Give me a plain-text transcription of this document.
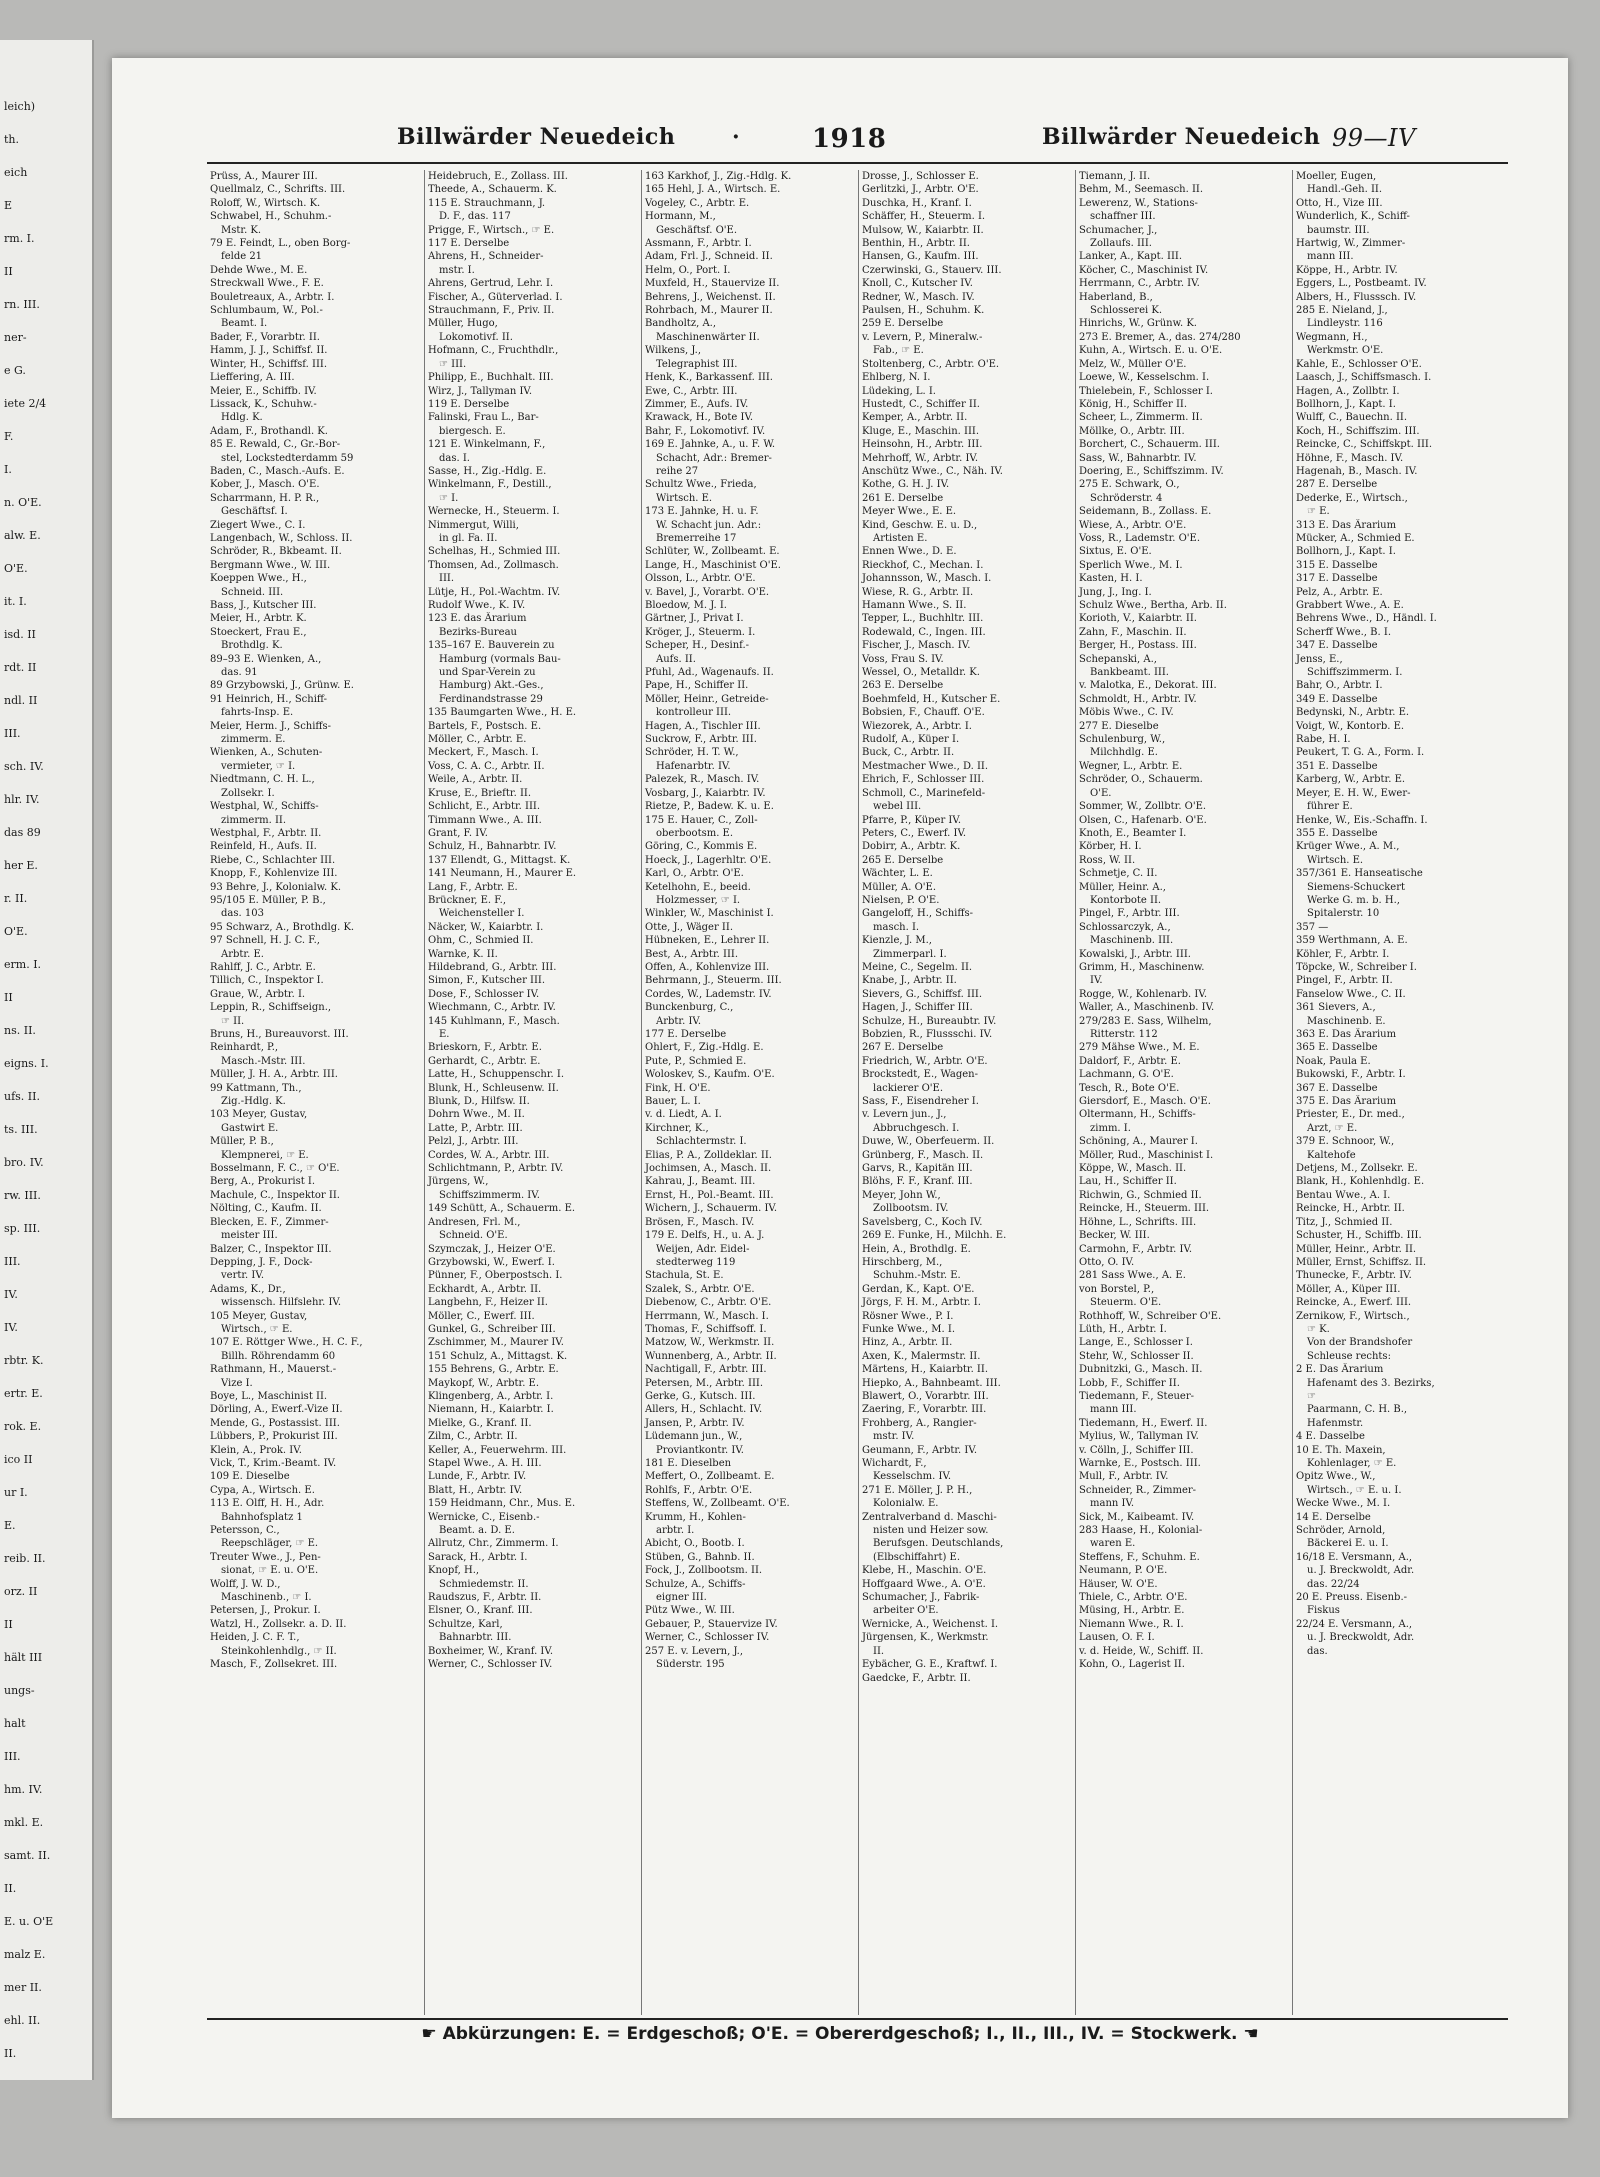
leich)
th.
eich
E
rm. I.
II
rn. III.
ner-
e G.
iete 2/4
F.
I.
n. O'E.
alw. E.
O'E.
it. I.
isd. II
rdt. II
ndl. II
III.
sch. IV.
hlr. IV.
das 89
her E.
r. II.
O'E.
erm. I.
II
ns. II.
eigns. I.
ufs. II.
ts. III.
bro. IV.
rw. III.
sp. III.
III.
IV.
IV.
rbtr. K.
ertr. E.
rok. E.
ico II
ur I.
E.
reib. II.
orz. II
II
hält III
ungs-
halt
III.
hm. IV.
mkl. E.
samt. II.
II.
E. u. O'E
malz E.
mer II.
ehl. II.
II.
Billwärder Neuedeich	·	1918	Billwärder Neuedeich 99—IV
Prüss, A., Maurer III.
Quellmalz, C., Schrifts. III.
Roloff, W., Wirtsch. K.
Schwabel, H., Schuhm.-
Mstr. K.
79 E. Feindt, L., oben Borg-
felde 21
Dehde Wwe., M. E.
Streckwall Wwe., F. E.
Bouletreaux, A., Arbtr. I.
Schlumbaum, W., Pol.-
Beamt. I.
Bader, F., Vorarbtr. II.
Hamm, J. J., Schiffsf. II.
Winter, H., Schiffsf. III.
Lieffering, A. III.
Meier, E., Schiffb. IV.
Lissack, K., Schuhw.-
Hdlg. K.
Adam, F., Brothandl. K.
85 E. Rewald, C., Gr.-Bor-
stel, Lockstedterdamm 59
Baden, C., Masch.-Aufs. E.
Kober, J., Masch. O'E.
Scharrmann, H. P. R.,
Geschäftsf. I.
Ziegert Wwe., C. I.
Langenbach, W., Schloss. II.
Schröder, R., Bkbeamt. II.
Bergmann Wwe., W. III.
Koeppen Wwe., H.,
Schneid. III.
Bass, J., Kutscher III.
Meier, H., Arbtr. K.
Stoeckert, Frau E.,
Brothdlg. K.
89–93 E. Wienken, A.,
das. 91
89 Grzybowski, J., Grünw. E.
91 Heinrich, H., Schiff-
fahrts-Insp. E.
Meier, Herm. J., Schiffs-
zimmerm. E.
Wienken, A., Schuten-
vermieter, ☞ I.
Niedtmann, C. H. L.,
Zollsekr. I.
Westphal, W., Schiffs-
zimmerm. II.
Westphal, F., Arbtr. II.
Reinfeld, H., Aufs. II.
Riebe, C., Schlachter III.
Knopp, F., Kohlenvize III.
93 Behre, J., Kolonialw. K.
95/105 E. Müller, P. B.,
das. 103
95 Schwarz, A., Brothdlg. K.
97 Schnell, H. J. C. F.,
Arbtr. E.
Rahlff, J. C., Arbtr. E.
Tillich, C., Inspektor I.
Graue, W., Arbtr. I.
Leppin, R., Schiffseign.,
☞ II.
Bruns, H., Bureauvorst. III.
Reinhardt, P.,
Masch.-Mstr. III.
Müller, J. H. A., Arbtr. III.
99 Kattmann, Th.,
Zig.-Hdlg. K.
103 Meyer, Gustav,
Gastwirt E.
Müller, P. B.,
Klempnerei, ☞ E.
Bosselmann, F. C., ☞ O'E.
Berg, A., Prokurist I.
Machule, C., Inspektor II.
Nölting, C., Kaufm. II.
Blecken, E. F., Zimmer-
meister III.
Balzer, C., Inspektor III.
Depping, J. F., Dock-
vertr. IV.
Adams, K., Dr.,
wissensch. Hilfslehr. IV.
105 Meyer, Gustav,
Wirtsch., ☞ E.
107 E. Röttger Wwe., H. C. F.,
Billh. Röhrendamm 60
Rathmann, H., Mauerst.-
Vize I.
Boye, L., Maschinist II.
Dörling, A., Ewerf.-Vize II.
Mende, G., Postassist. III.
Lübbers, P., Prokurist III.
Klein, A., Prok. IV.
Vick, T., Krim.-Beamt. IV.
109 E. Dieselbe
Cypa, A., Wirtsch. E.
113 E. Olff, H. H., Adr.
Bahnhofsplatz 1
Petersson, C.,
Reepschläger, ☞ E.
Treuter Wwe., J., Pen-
sionat, ☞ E. u. O'E.
Wolff, J. W. D.,
Maschinenb., ☞ I.
Petersen, J., Prokur. I.
Watzl, H., Zollsekr. a. D. II.
Heiden, J. C. F. T.,
Steinkohlenhdlg., ☞ II.
Masch, F., Zollsekret. III.
Heidebruch, E., Zollass. III.
Theede, A., Schauerm. K.
115 E. Strauchmann, J.
D. F., das. 117
Prigge, F., Wirtsch., ☞ E.
117 E. Derselbe
Ahrens, H., Schneider-
mstr. I.
Ahrens, Gertrud, Lehr. I.
Fischer, A., Güterverlad. I.
Strauchmann, F., Priv. II.
Müller, Hugo,
Lokomotivf. II.
Hofmann, C., Fruchthdlr.,
☞ III.
Philipp, E., Buchhalt. III.
Wirz, J., Tallyman IV.
119 E. Derselbe
Falinski, Frau L., Bar-
biergesch. E.
121 E. Winkelmann, F.,
das. I.
Sasse, H., Zig.-Hdlg. E.
Winkelmann, F., Destill.,
☞ I.
Wernecke, H., Steuerm. I.
Nimmergut, Willi,
in gl. Fa. II.
Schelhas, H., Schmied III.
Thomsen, Ad., Zollmasch.
III.
Lütje, H., Pol.-Wachtm. IV.
Rudolf Wwe., K. IV.
123 E. das Ärarium
Bezirks-Bureau
135–167 E. Bauverein zu
Hamburg (vormals Bau-
und Spar-Verein zu
Hamburg) Akt.-Ges.,
Ferdinandstrasse 29
135 Baumgarten Wwe., H. E.
Bartels, F., Postsch. E.
Möller, C., Arbtr. E.
Meckert, F., Masch. I.
Voss, C. A. C., Arbtr. II.
Weile, A., Arbtr. II.
Kruse, E., Brieftr. II.
Schlicht, E., Arbtr. III.
Timmann Wwe., A. III.
Grant, F. IV.
Schulz, H., Bahnarbtr. IV.
137 Ellendt, G., Mittagst. K.
141 Neumann, H., Maurer E.
Lang, F., Arbtr. E.
Brückner, E. F.,
Weichensteller I.
Näcker, W., Kaiarbtr. I.
Ohm, C., Schmied II.
Warnke, K. II.
Hildebrand, G., Arbtr. III.
Simon, F., Kutscher III.
Dose, F., Schlosser IV.
Wiechmann, C., Arbtr. IV.
145 Kuhlmann, F., Masch.
E.
Brieskorn, F., Arbtr. E.
Gerhardt, C., Arbtr. E.
Latte, H., Schuppenschr. I.
Blunk, H., Schleusenw. II.
Blunk, D., Hilfsw. II.
Dohrn Wwe., M. II.
Latte, P., Arbtr. III.
Pelzl, J., Arbtr. III.
Cordes, W. A., Arbtr. III.
Schlichtmann, P., Arbtr. IV.
Jürgens, W.,
Schiffszimmerm. IV.
149 Schütt, A., Schauerm. E.
Andresen, Frl. M.,
Schneid. O'E.
Szymczak, J., Heizer O'E.
Grzybowski, W., Ewerf. I.
Pünner, F., Oberpostsch. I.
Eckhardt, A., Arbtr. II.
Langbehn, F., Heizer II.
Möller, C., Ewerf. III.
Gunkel, G., Schreiber III.
Zschimmer, M., Maurer IV.
151 Schulz, A., Mittagst. K.
155 Behrens, G., Arbtr. E.
Maykopf, W., Arbtr. E.
Klingenberg, A., Arbtr. I.
Niemann, H., Kaiarbtr. I.
Mielke, G., Kranf. II.
Zilm, C., Arbtr. II.
Keller, A., Feuerwehrm. III.
Stapel Wwe., A. H. III.
Lunde, F., Arbtr. IV.
Blatt, H., Arbtr. IV.
159 Heidmann, Chr., Mus. E.
Wernicke, C., Eisenb.-
Beamt. a. D. E.
Allrutz, Chr., Zimmerm. I.
Sarack, H., Arbtr. I.
Knopf, H.,
Schmiedemstr. II.
Raudszus, F., Arbtr. II.
Elsner, O., Kranf. III.
Schultze, Karl,
Bahnarbtr. III.
Boxheimer, W., Kranf. IV.
Werner, C., Schlosser IV.
163 Karkhof, J., Zig.-Hdlg. K.
165 Hehl, J. A., Wirtsch. E.
Vogeley, C., Arbtr. E.
Hormann, M.,
Geschäftsf. O'E.
Assmann, F., Arbtr. I.
Adam, Frl. J., Schneid. II.
Helm, O., Port. I.
Muxfeld, H., Stauervize II.
Behrens, J., Weichenst. II.
Rohrbach, M., Maurer II.
Bandholtz, A.,
Maschinenwärter II.
Wilkens, J.,
Telegraphist III.
Henk, K., Barkassenf. III.
Ewe, C., Arbtr. III.
Zimmer, E., Aufs. IV.
Krawack, H., Bote IV.
Bahr, F., Lokomotivf. IV.
169 E. Jahnke, A., u. F. W.
Schacht, Adr.: Bremer-
reihe 27
Schultz Wwe., Frieda,
Wirtsch. E.
173 E. Jahnke, H. u. F.
W. Schacht jun. Adr.:
Bremerreihe 17
Schlüter, W., Zollbeamt. E.
Lange, H., Maschinist O'E.
Olsson, L., Arbtr. O'E.
v. Bavel, J., Vorarbt. O'E.
Bloedow, M. J. I.
Gärtner, J., Privat I.
Kröger, J., Steuerm. I.
Scheper, H., Desinf.-
Aufs. II.
Pfuhl, Ad., Wagenaufs. II.
Pape, H., Schiffer II.
Möller, Heinr., Getreide-
kontrolleur III.
Hagen, A., Tischler III.
Suckrow, F., Arbtr. III.
Schröder, H. T. W.,
Hafenarbtr. IV.
Palezek, R., Masch. IV.
Vosbarg, J., Kaiarbtr. IV.
Rietze, P., Badew. K. u. E.
175 E. Hauer, C., Zoll-
oberbootsm. E.
Göring, C., Kommis E.
Hoeck, J., Lagerhltr. O'E.
Karl, O., Arbtr. O'E.
Ketelhohn, E., beeid.
Holzmesser, ☞ I.
Winkler, W., Maschinist I.
Otte, J., Wäger II.
Hübneken, E., Lehrer II.
Best, A., Arbtr. III.
Offen, A., Kohlenvize III.
Behrmann, J., Steuerm. III.
Cordes, W., Lademstr. IV.
Bunckenburg, C.,
Arbtr. IV.
177 E. Derselbe
Ohlert, F., Zig.-Hdlg. E.
Pute, P., Schmied E.
Woloskev, S., Kaufm. O'E.
Fink, H. O'E.
Bauer, L. I.
v. d. Liedt, A. I.
Kirchner, K.,
Schlachtermstr. I.
Elias, P. A., Zolldeklar. II.
Jochimsen, A., Masch. II.
Kahrau, J., Beamt. III.
Ernst, H., Pol.-Beamt. III.
Wichern, J., Schauerm. IV.
Brösen, F., Masch. IV.
179 E. Delfs, H., u. A. J.
Weijen, Adr. Eidel-
stedterweg 119
Stachula, St. E.
Szalek, S., Arbtr. O'E.
Diebenow, C., Arbtr. O'E.
Herrmann, W., Masch. I.
Thomas, F., Schiffsoff. I.
Matzow, W., Werkmstr. II.
Wunnenberg, A., Arbtr. II.
Nachtigall, F., Arbtr. III.
Petersen, M., Arbtr. III.
Gerke, G., Kutsch. III.
Allers, H., Schlacht. IV.
Jansen, P., Arbtr. IV.
Lüdemann jun., W.,
Proviantkontr. IV.
181 E. Dieselben
Meffert, O., Zollbeamt. E.
Rohlfs, F., Arbtr. O'E.
Steffens, W., Zollbeamt. O'E.
Krumm, H., Kohlen-
arbtr. I.
Abicht, O., Bootb. I.
Stüben, G., Bahnb. II.
Fock, J., Zollbootsm. II.
Schulze, A., Schiffs-
eigner III.
Pütz Wwe., W. III.
Gebauer, P., Stauervize IV.
Werner, C., Schlosser IV.
257 E. v. Levern, J.,
Süderstr. 195
Drosse, J., Schlosser E.
Gerlitzki, J., Arbtr. O'E.
Duschka, H., Kranf. I.
Schäffer, H., Steuerm. I.
Mulsow, W., Kaiarbtr. II.
Benthin, H., Arbtr. II.
Hansen, G., Kaufm. III.
Czerwinski, G., Stauerv. III.
Knoll, C., Kutscher IV.
Redner, W., Masch. IV.
Paulsen, H., Schuhm. K.
259 E. Derselbe
v. Levern, P., Mineralw.-
Fab., ☞ E.
Stoltenberg, C., Arbtr. O'E.
Ehlberg, N. I.
Lüdeking, L. I.
Hustedt, C., Schiffer II.
Kemper, A., Arbtr. II.
Kluge, E., Maschin. III.
Heinsohn, H., Arbtr. III.
Mehrhoff, W., Arbtr. IV.
Anschütz Wwe., C., Näh. IV.
Kothe, G. H. J. IV.
261 E. Derselbe
Meyer Wwe., E. E.
Kind, Geschw. E. u. D.,
Artisten E.
Ennen Wwe., D. E.
Rieckhof, C., Mechan. I.
Johannsson, W., Masch. I.
Wiese, R. G., Arbtr. II.
Hamann Wwe., S. II.
Tepper, L., Buchhltr. III.
Rodewald, C., Ingen. III.
Fischer, J., Masch. IV.
Voss, Frau S. IV.
Wessel, O., Metalldr. K.
263 E. Derselbe
Boehmfeld, H., Kutscher E.
Bobsien, F., Chauff. O'E.
Wiezorek, A., Arbtr. I.
Rudolf, A., Küper I.
Buck, C., Arbtr. II.
Mestmacher Wwe., D. II.
Ehrich, F., Schlosser III.
Schmoll, C., Marinefeld-
webel III.
Pfarre, P., Küper IV.
Peters, C., Ewerf. IV.
Dobirr, A., Arbtr. K.
265 E. Derselbe
Wächter, L. E.
Müller, A. O'E.
Nielsen, P. O'E.
Gangeloff, H., Schiffs-
masch. I.
Kienzle, J. M.,
Zimmerparl. I.
Meine, C., Segelm. II.
Knabe, J., Arbtr. II.
Sievers, G., Schiffsf. III.
Hagen, J., Schiffer III.
Schulze, H., Bureaubtr. IV.
Bobzien, R., Flussschi. IV.
267 E. Derselbe
Friedrich, W., Arbtr. O'E.
Brockstedt, E., Wagen-
lackierer O'E.
Sass, F., Eisendreher I.
v. Levern jun., J.,
Abbruchgesch. I.
Duwe, W., Oberfeuerm. II.
Grünberg, F., Masch. II.
Garvs, R., Kapitän III.
Blöhs, F. F., Kranf. III.
Meyer, John W.,
Zollbootsm. IV.
Savelsberg, C., Koch IV.
269 E. Funke, H., Milchh. E.
Hein, A., Brothdlg. E.
Hirschberg, M.,
Schuhm.-Mstr. E.
Gerdan, K., Kapt. O'E.
Jörgs, F. H. M., Arbtr. I.
Rösner Wwe., P. I.
Funke Wwe., M. I.
Hinz, A., Arbtr. II.
Axen, K., Malermstr. II.
Märtens, H., Kaiarbtr. II.
Hiepko, A., Bahnbeamt. III.
Blawert, O., Vorarbtr. III.
Zaering, F., Vorarbtr. III.
Frohberg, A., Rangier-
mstr. IV.
Geumann, F., Arbtr. IV.
Wichardt, F.,
Kesselschm. IV.
271 E. Möller, J. P. H.,
Kolonialw. E.
Zentralverband d. Maschi-
nisten und Heizer sow.
Berufsgen. Deutschlands,
(Elbschiffahrt) E.
Klebe, H., Maschin. O'E.
Hoffgaard Wwe., A. O'E.
Schumacher, J., Fabrik-
arbeiter O'E.
Wernicke, A., Weichenst. I.
Jürgensen, K., Werkmstr.
II.
Eybächer, G. E., Kraftwf. I.
Gaedcke, F., Arbtr. II.
Tiemann, J. II.
Behm, M., Seemasch. II.
Lewerenz, W., Stations-
schaffner III.
Schumacher, J.,
Zollaufs. III.
Lanker, A., Kapt. III.
Köcher, C., Maschinist IV.
Herrmann, C., Arbtr. IV.
Haberland, B.,
Schlosserei K.
Hinrichs, W., Grünw. K.
273 E. Bremer, A., das. 274/280
Kuhn, A., Wirtsch. E. u. O'E.
Melz, W., Müller O'E.
Loewe, W., Kesselschm. I.
Thielebein, F., Schlosser I.
König, H., Schiffer II.
Scheer, L., Zimmerm. II.
Möllke, O., Arbtr. III.
Borchert, C., Schauerm. III.
Sass, W., Bahnarbtr. IV.
Doering, E., Schiffszimm. IV.
275 E. Schwark, O.,
Schröderstr. 4
Seidemann, B., Zollass. E.
Wiese, A., Arbtr. O'E.
Voss, R., Lademstr. O'E.
Sixtus, E. O'E.
Sperlich Wwe., M. I.
Kasten, H. I.
Jung, J., Ing. I.
Schulz Wwe., Bertha, Arb. II.
Korioth, V., Kaiarbtr. II.
Zahn, F., Maschin. II.
Berger, H., Postass. III.
Schepanski, A.,
Bankbeamt. III.
v. Malotka, E., Dekorat. III.
Schmoldt, H., Arbtr. IV.
Möbis Wwe., C. IV.
277 E. Dieselbe
Schulenburg, W.,
Milchhdlg. E.
Wegner, L., Arbtr. E.
Schröder, O., Schauerm.
O'E.
Sommer, W., Zollbtr. O'E.
Olsen, C., Hafenarb. O'E.
Knoth, E., Beamter I.
Körber, H. I.
Ross, W. II.
Schmetje, C. II.
Müller, Heinr. A.,
Kontorbote II.
Pingel, F., Arbtr. III.
Schlossarczyk, A.,
Maschinenb. III.
Kowalski, J., Arbtr. III.
Grimm, H., Maschinenw.
IV.
Rogge, W., Kohlenarb. IV.
Waller, A., Maschinenb. IV.
279/283 E. Sass, Wilhelm,
Ritterstr. 112
279 Mähse Wwe., M. E.
Daldorf, F., Arbtr. E.
Lachmann, G. O'E.
Tesch, R., Bote O'E.
Giersdorf, E., Masch. O'E.
Oltermann, H., Schiffs-
zimm. I.
Schöning, A., Maurer I.
Möller, Rud., Maschinist I.
Köppe, W., Masch. II.
Lau, H., Schiffer II.
Richwin, G., Schmied II.
Reincke, H., Steuerm. III.
Höhne, L., Schrifts. III.
Becker, W. III.
Carmohn, F., Arbtr. IV.
Otto, O. IV.
281 Sass Wwe., A. E.
von Borstel, P.,
Steuerm. O'E.
Rothhoff, W., Schreiber O'E.
Lüth, H., Arbtr. I.
Lange, E., Schlosser I.
Stehr, W., Schlosser II.
Dubnitzki, G., Masch. II.
Lobb, F., Schiffer II.
Tiedemann, F., Steuer-
mann III.
Tiedemann, H., Ewerf. II.
Mylius, W., Tallyman IV.
v. Cölln, J., Schiffer III.
Warnke, E., Postsch. III.
Mull, F., Arbtr. IV.
Schneider, R., Zimmer-
mann IV.
Sick, M., Kaibeamt. IV.
283 Haase, H., Kolonial-
waren E.
Steffens, F., Schuhm. E.
Neumann, P. O'E.
Häuser, W. O'E.
Thiele, C., Arbtr. O'E.
Müsing, H., Arbtr. E.
Niemann Wwe., R. I.
Lausen, O. F. I.
v. d. Heide, W., Schiff. II.
Kohn, O., Lagerist II.
Moeller, Eugen,
Handl.-Geh. II.
Otto, H., Vize III.
Wunderlich, K., Schiff-
baumstr. III.
Hartwig, W., Zimmer-
mann III.
Köppe, H., Arbtr. IV.
Eggers, L., Postbeamt. IV.
Albers, H., Flusssch. IV.
285 E. Nieland, J.,
Lindleystr. 116
Wegmann, H.,
Werkmstr. O'E.
Kahle, E., Schlosser O'E.
Laasch, J., Schiffsmasch. I.
Hagen, A., Zollbtr. I.
Bollhorn, J., Kapt. I.
Wulff, C., Bauechn. II.
Koch, H., Schiffszim. III.
Reincke, C., Schiffskpt. III.
Höhne, F., Masch. IV.
Hagenah, B., Masch. IV.
287 E. Derselbe
Dederke, E., Wirtsch.,
☞ E.
313 E. Das Ärarium
Mücker, A., Schmied E.
Bollhorn, J., Kapt. I.
315 E. Dasselbe
317 E. Dasselbe
Pelz, A., Arbtr. E.
Grabbert Wwe., A. E.
Behrens Wwe., D., Händl. I.
Scherff Wwe., B. I.
347 E. Dasselbe
Jenss, E.,
Schiffszimmerm. I.
Bahr, O., Arbtr. I.
349 E. Dasselbe
Bedynski, N., Arbtr. E.
Voigt, W., Kontorb. E.
Rabe, H. I.
Peukert, T. G. A., Form. I.
351 E. Dasselbe
Karberg, W., Arbtr. E.
Meyer, E. H. W., Ewer-
führer E.
Henke, W., Eis.-Schaffn. I.
355 E. Dasselbe
Krüger Wwe., A. M.,
Wirtsch. E.
357/361 E. Hanseatische
Siemens-Schuckert
Werke G. m. b. H.,
Spitalerstr. 10
357 —
359 Werthmann, A. E.
Köhler, F., Arbtr. I.
Töpcke, W., Schreiber I.
Pingel, F., Arbtr. II.
Fanselow Wwe., C. II.
361 Sievers, A.,
Maschinenb. E.
363 E. Das Ärarium
365 E. Dasselbe
Noak, Paula E.
Bukowski, F., Arbtr. I.
367 E. Dasselbe
375 E. Das Ärarium
Priester, E., Dr. med.,
Arzt, ☞ E.
379 E. Schnoor, W.,
Kaltehofe
Detjens, M., Zollsekr. E.
Blank, H., Kohlenhdlg. E.
Bentau Wwe., A. I.
Reincke, H., Arbtr. II.
Titz, J., Schmied II.
Schuster, H., Schiffb. III.
Müller, Heinr., Arbtr. II.
Müller, Ernst, Schiffsz. II.
Thunecke, F., Arbtr. IV.
Möller, A., Küper III.
Reincke, A., Ewerf. III.
Zernikow, F., Wirtsch.,
☞ K.
Von der Brandshofer
Schleuse rechts:
2 E. Das Ärarium
Hafenamt des 3. Bezirks,
☞
Paarmann, C. H. B.,
Hafenmstr.
4 E. Dasselbe
10 E. Th. Maxein,
Kohlenlager, ☞ E.
Opitz Wwe., W.,
Wirtsch., ☞ E. u. I.
Wecke Wwe., M. I.
14 E. Derselbe
Schröder, Arnold,
Bäckerei E. u. I.
16/18 E. Versmann, A.,
u. J. Breckwoldt, Adr.
das. 22/24
20 E. Preuss. Eisenb.-
Fiskus
22/24 E. Versmann, A.,
u. J. Breckwoldt, Adr.
das.
☛ Abkürzungen: E. = Erdgeschoß; O'E. = Obererdgeschoß; I., II., III., IV. = Stockwerk. ☚
